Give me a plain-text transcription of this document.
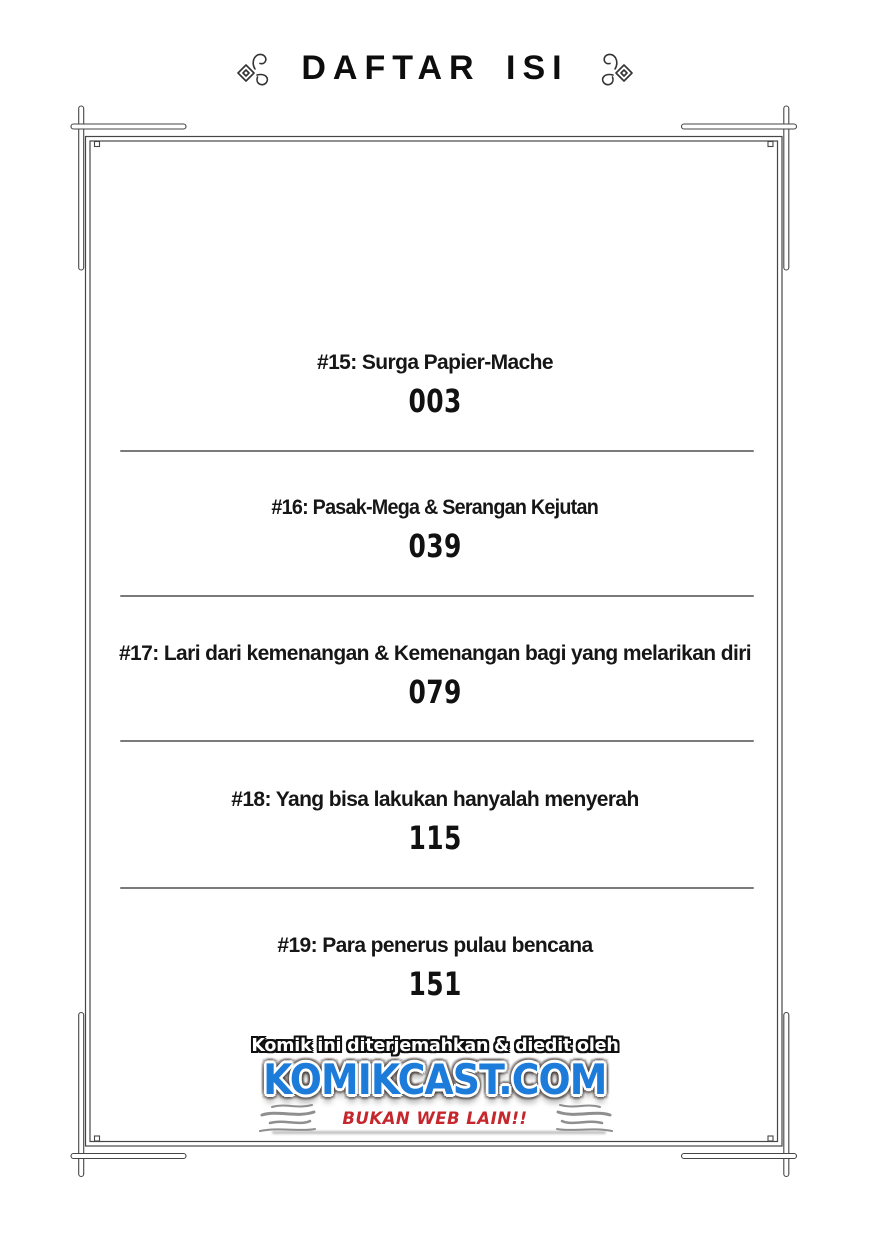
DAFTAR ISI
#15: Surga Papier-Mache
003
#16: Pasak-Mega & Serangan Kejutan
039
#17: Lari dari kemenangan & Kemenangan bagi yang melarikan diri
079
#18: Yang bisa lakukan hanyalah menyerah
115
#19: Para penerus pulau bencana
151
Komik ini diterjemahkan & diedit oleh
KOMIKCAST.COM
BUKAN WEB LAIN!!
